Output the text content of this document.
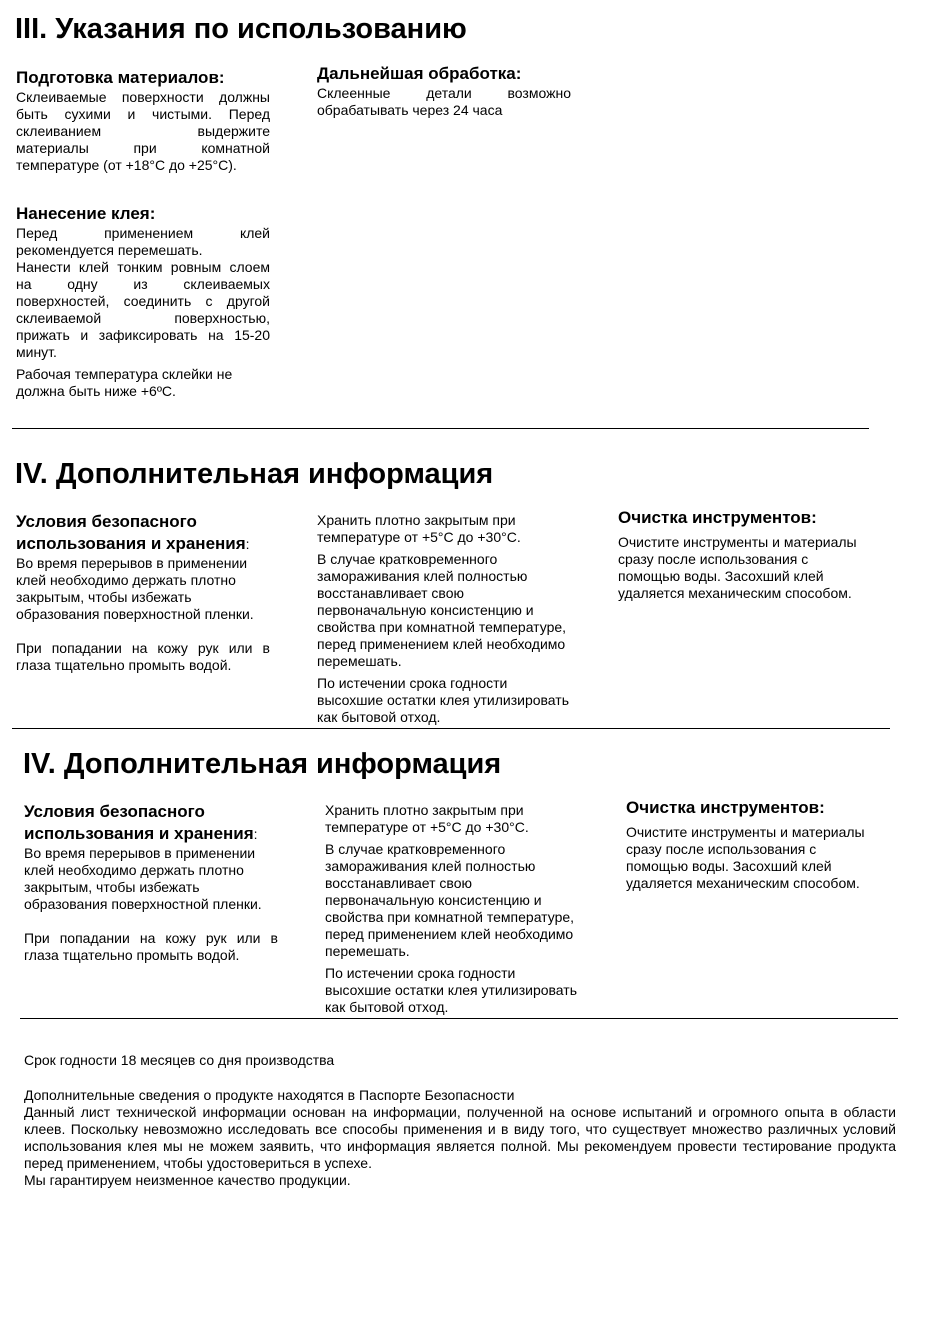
III. Указания по использованию
Подготовка материалов:
Склеиваемые поверхности должны
быть сухими и чистыми. Перед
склеиванием выдержите
материалы при комнатной
температуре (от +18°С до +25°С).
Нанесение клея:
Перед применением клей
рекомендуется перемешать.
Нанести клей тонким ровным слоем
на одну из склеиваемых
поверхностей, соединить с другой
склеиваемой поверхностью,
прижать и зафиксировать на 15-20
минут.
Рабочая температура склейки не
должна быть ниже +6ºС.
Дальнейшая обработка:
Склеенные детали возможно
обрабатывать через 24 часа
IV. Дополнительная информация
Условия безопасного
использования и хранения:
Во время перерывов в применении клей необходимо держать плотно закрытым, чтобы избежать образования поверхностной пленки.
При попадании на кожу рук или в
глаза тщательно промыть водой.
Хранить плотно закрытым при температуре от +5°С до +30°С.
В случае кратковременного замораживания клей полностью восстанавливает свою первоначальную консистенцию и свойства при комнатной температуре, перед применением клей необходимо перемешать.
По истечении срока годности высохшие остатки клея утилизировать как бытовой отход.
Очистка инструментов:
Очистите инструменты и материалы сразу после использования с помощью воды. Засохший клей удаляется механическим способом.
IV. Дополнительная информация
Условия безопасного
использования и хранения:
Во время перерывов в применении клей необходимо держать плотно закрытым, чтобы избежать образования поверхностной пленки.
При попадании на кожу рук или в
глаза тщательно промыть водой.
Хранить плотно закрытым при температуре от +5°С до +30°С.
В случае кратковременного замораживания клей полностью восстанавливает свою первоначальную консистенцию и свойства при комнатной температуре, перед применением клей необходимо перемешать.
По истечении срока годности высохшие остатки клея утилизировать как бытовой отход.
Очистка инструментов:
Очистите инструменты и материалы сразу после использования с помощью воды. Засохший клей удаляется механическим способом.
Срок годности 18 месяцев со дня производства
Дополнительные сведения о продукте находятся в Паспорте Безопасности
Данный лист технической информации основан на информации, полученной на основе испытаний и огромного опыта в области клеев. Поскольку невозможно исследовать все способы применения и в виду того, что существует множество различных условий использования клея мы не можем заявить, что информация является полной. Мы рекомендуем провести тестирование продукта перед применением, чтобы удостовериться в успехе.
Мы гарантируем неизменное качество продукции.
